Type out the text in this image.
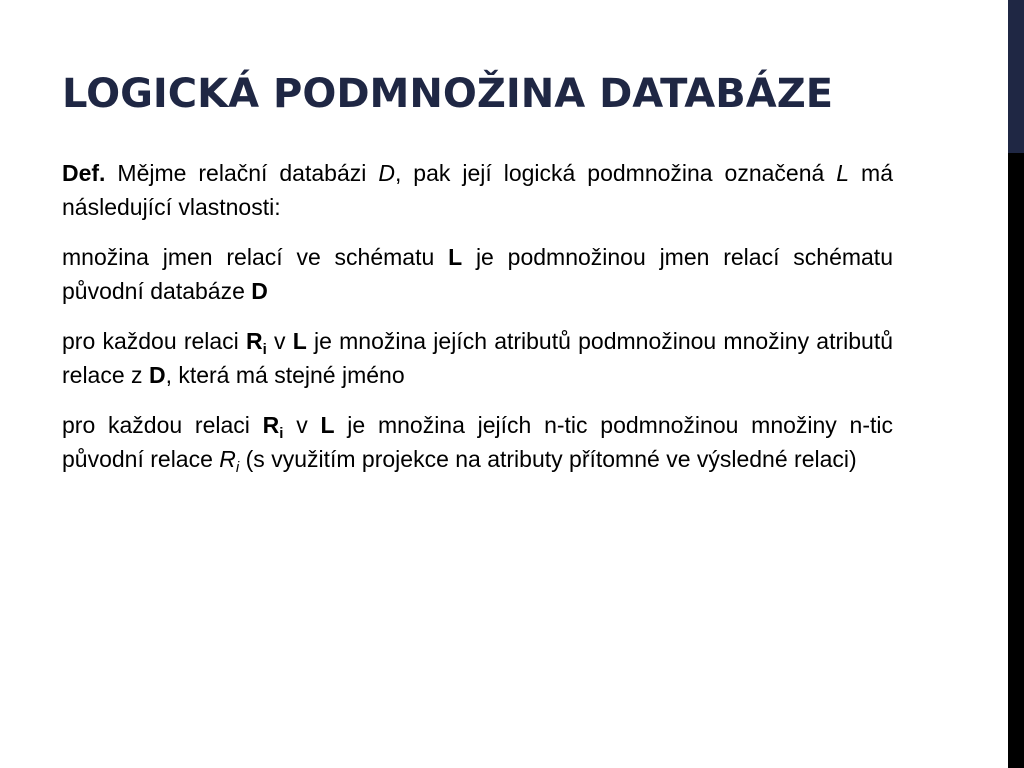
LOGICKÁ PODMNOŽINA DATABÁZE

Def. Mějme relační databázi D, pak její logická podmnožina označená L má následující vlastnosti:

množina jmen relací ve schématu L je podmnožinou jmen relací schématu původní databáze D

pro každou relaci $R_i$ v L je množina jejích atributů podmnožinou množiny atributů relace z D, která má stejné jméno

pro každou relaci $R_i$ v L je množina jejích n-tic podmnožinou množiny n-tic původní relace $R_i$ (s využitím projekce na atributy přítomné ve výsledné relaci)
